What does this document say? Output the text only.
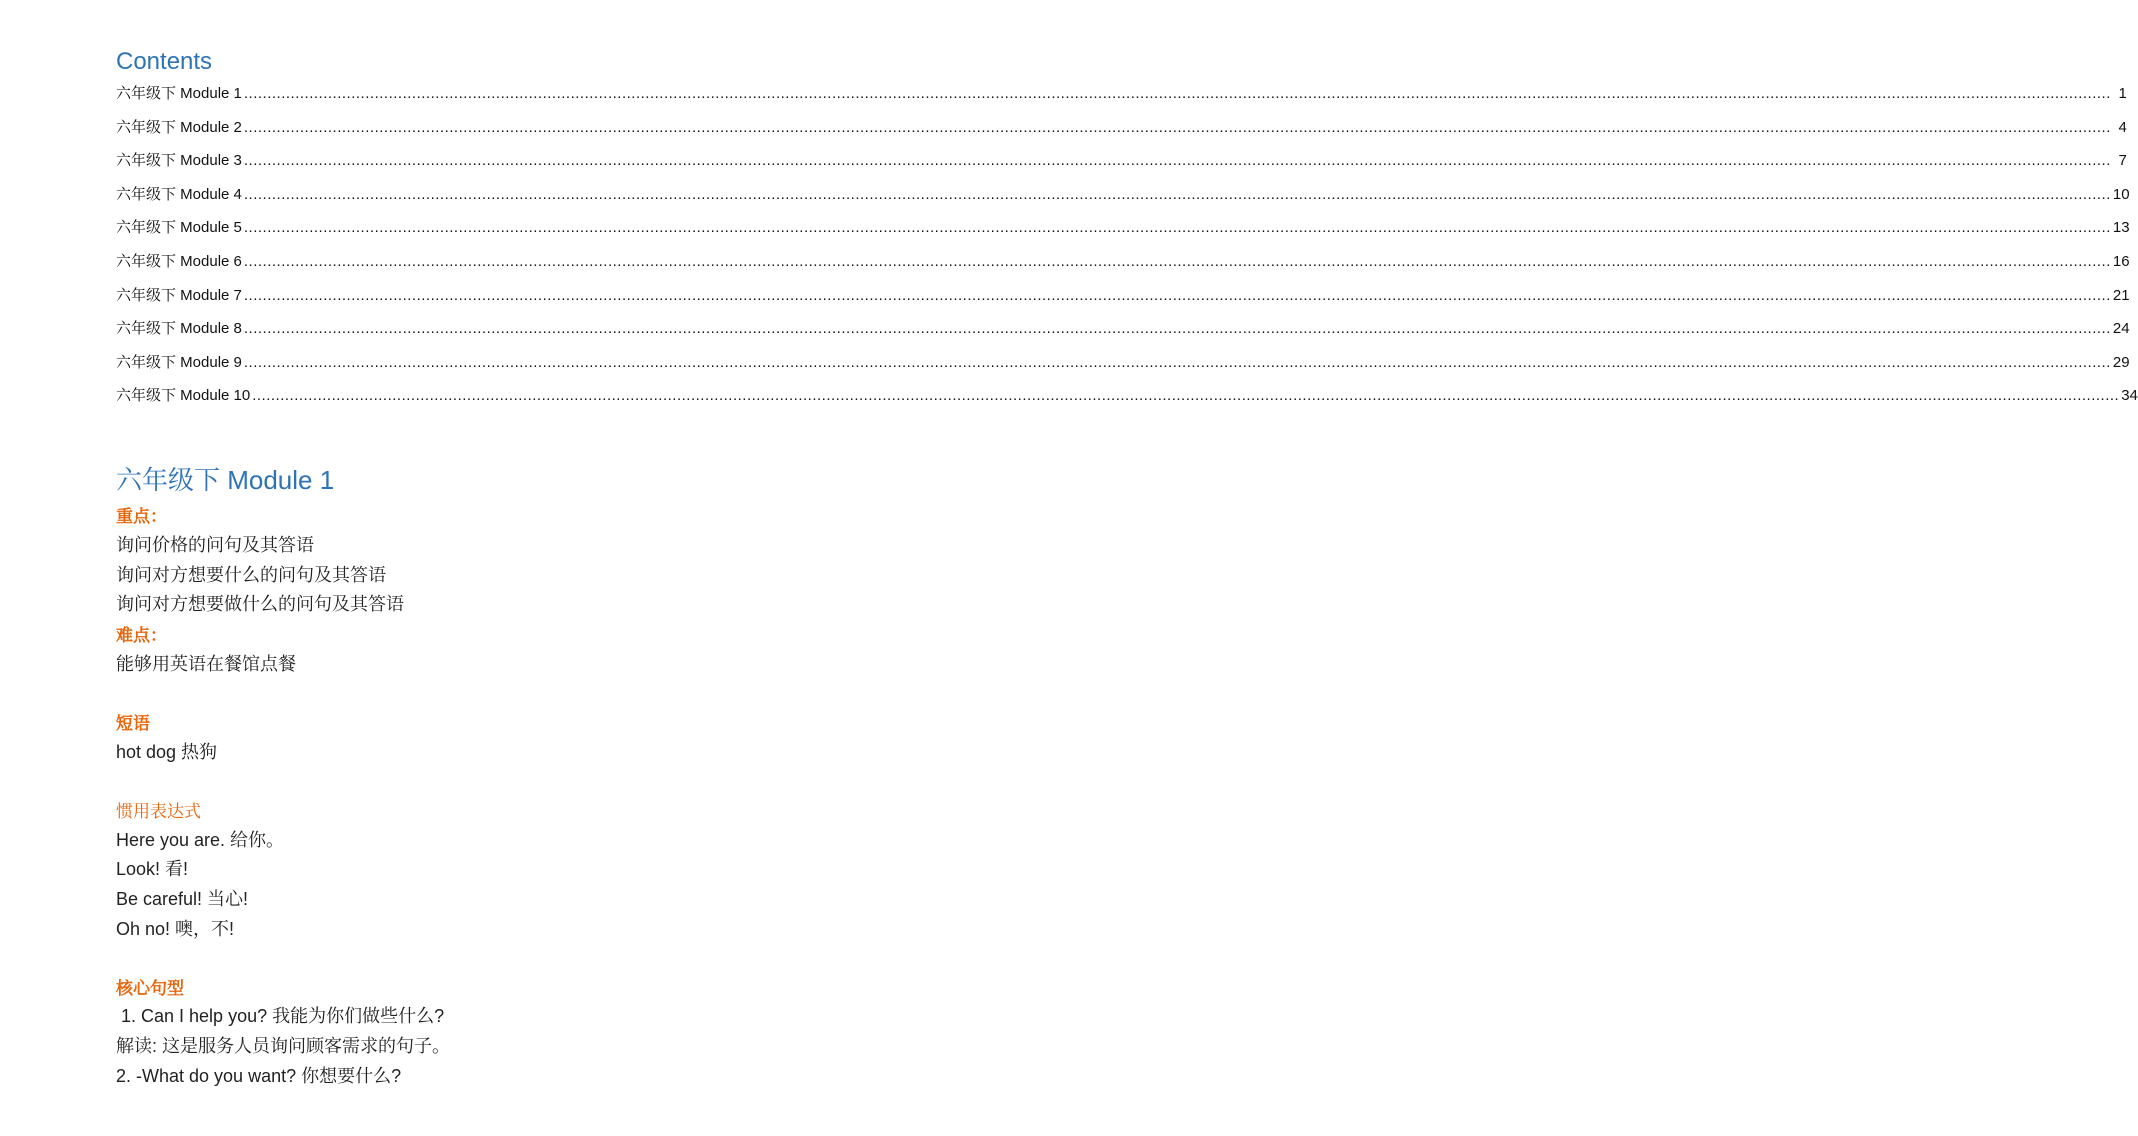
Contents
六年级下 Module 1 ................................................................................................................................................................................................................................................................................................................................................................................................................ 1
六年级下 Module 2 ................................................................................................................................................................................................................................................................................................................................................................................................................ 4
六年级下 Module 3 ................................................................................................................................................................................................................................................................................................................................................................................................................ 7
六年级下 Module 4 ................................................................................................................................................................................................................................................................................................................................................................................................................ 10
六年级下 Module 5 ................................................................................................................................................................................................................................................................................................................................................................................................................ 13
六年级下 Module 6 ................................................................................................................................................................................................................................................................................................................................................................................................................ 16
六年级下 Module 7 ................................................................................................................................................................................................................................................................................................................................................................................................................ 21
六年级下 Module 8 ................................................................................................................................................................................................................................................................................................................................................................................................................ 24
六年级下 Module 9 ................................................................................................................................................................................................................................................................................................................................................................................................................ 29
六年级下 Module 10 ................................................................................................................................................................................................................................................................................................................................................................................................................ 34
六年级下 Module 1
重点：
询问价格的问句及其答语
询问对方想要什么的问句及其答语
询问对方想要做什么的问句及其答语
难点：
能够用英语在餐馆点餐
短语
hot dog 热狗
惯用表达式
Here you are. 给你。
Look! 看!
Be careful! 当心!
Oh no! 噢，不!
核心句型
1. Can I help you? 我能为你们做些什么?
解读: 这是服务人员询问顾客需求的句子。
2. -What do you want? 你想要什么?
